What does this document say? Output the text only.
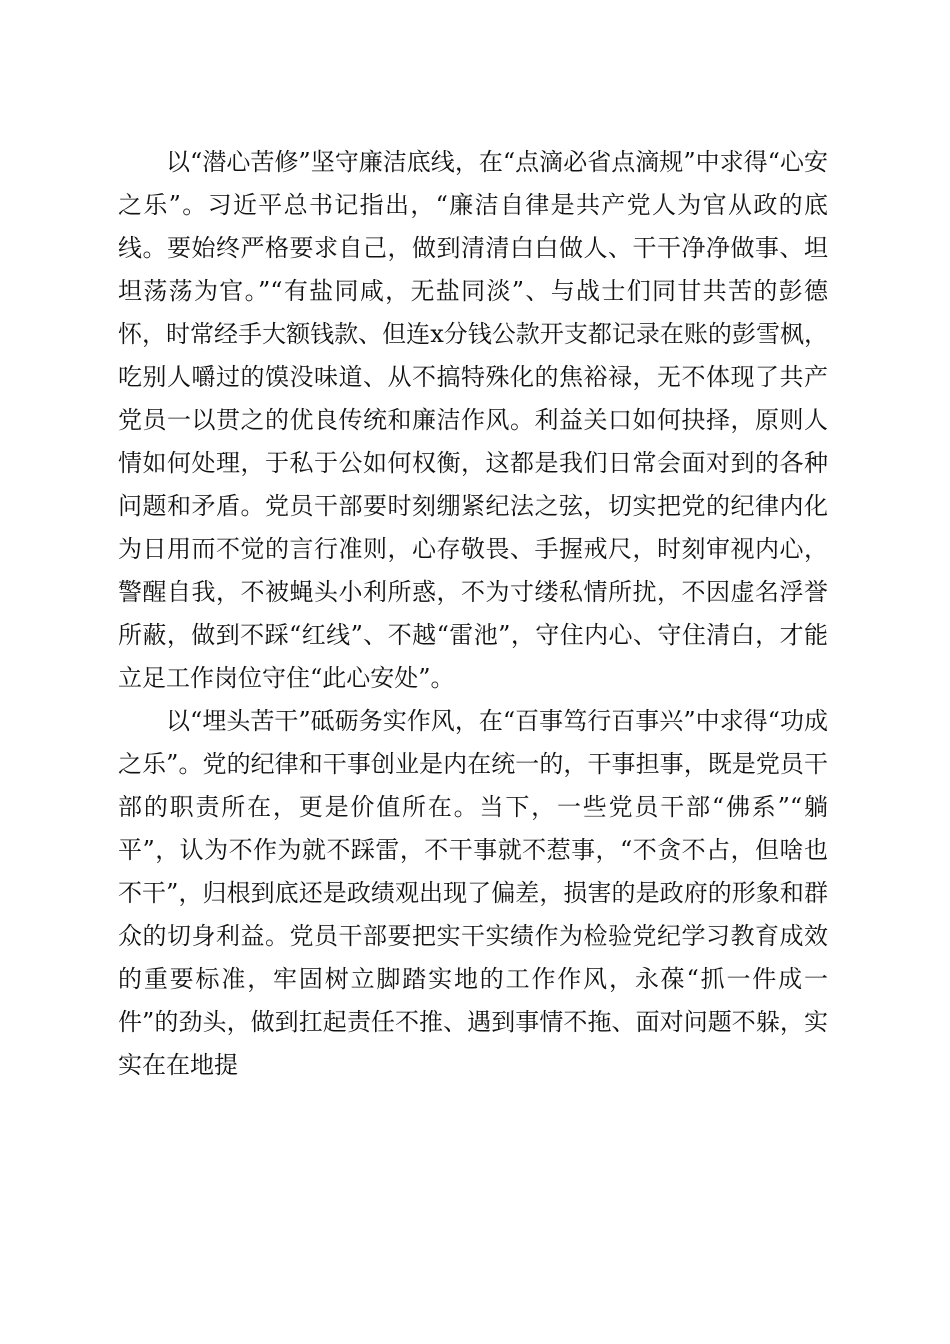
以“潜心苦修”坚守廉洁底线，在“点滴必省点滴规”中求得“心安之乐”。习近平总书记指出，“廉洁自律是共产党人为官从政的底线。要始终严格要求自己，做到清清白白做人、干干净净做事、坦坦荡荡为官。”“有盐同咸，无盐同淡”、与战士们同甘共苦的彭德怀，时常经手大额钱款、但连x分钱公款开支都记录在账的彭雪枫，吃别人嚼过的馍没味道、从不搞特殊化的焦裕禄，无不体现了共产党员一以贯之的优良传统和廉洁作风。利益关口如何抉择，原则人情如何处理，于私于公如何权衡，这都是我们日常会面对到的各种问题和矛盾。党员干部要时刻绷紧纪法之弦，切实把党的纪律内化为日用而不觉的言行准则，心存敬畏、手握戒尺，时刻审视内心，警醒自我，不被蝇头小利所惑，不为寸缕私情所扰，不因虚名浮誉所蔽，做到不踩“红线”、不越“雷池”，守住内心、守住清白，才能立足工作岗位守住“此心安处”。

以“埋头苦干”砥砺务实作风，在“百事笃行百事兴”中求得“功成之乐”。党的纪律和干事创业是内在统一的，干事担事，既是党员干部的职责所在，更是价值所在。当下，一些党员干部“佛系”“躺平”，认为不作为就不踩雷，不干事就不惹事，“不贪不占，但啥也不干”，归根到底还是政绩观出现了偏差，损害的是政府的形象和群众的切身利益。党员干部要把实干实绩作为检验党纪学习教育成效的重要标准，牢固树立脚踏实地的工作作风，永葆“抓一件成一件”的劲头，做到扛起责任不推、遇到事情不拖、面对问题不躲，实实在在地提
